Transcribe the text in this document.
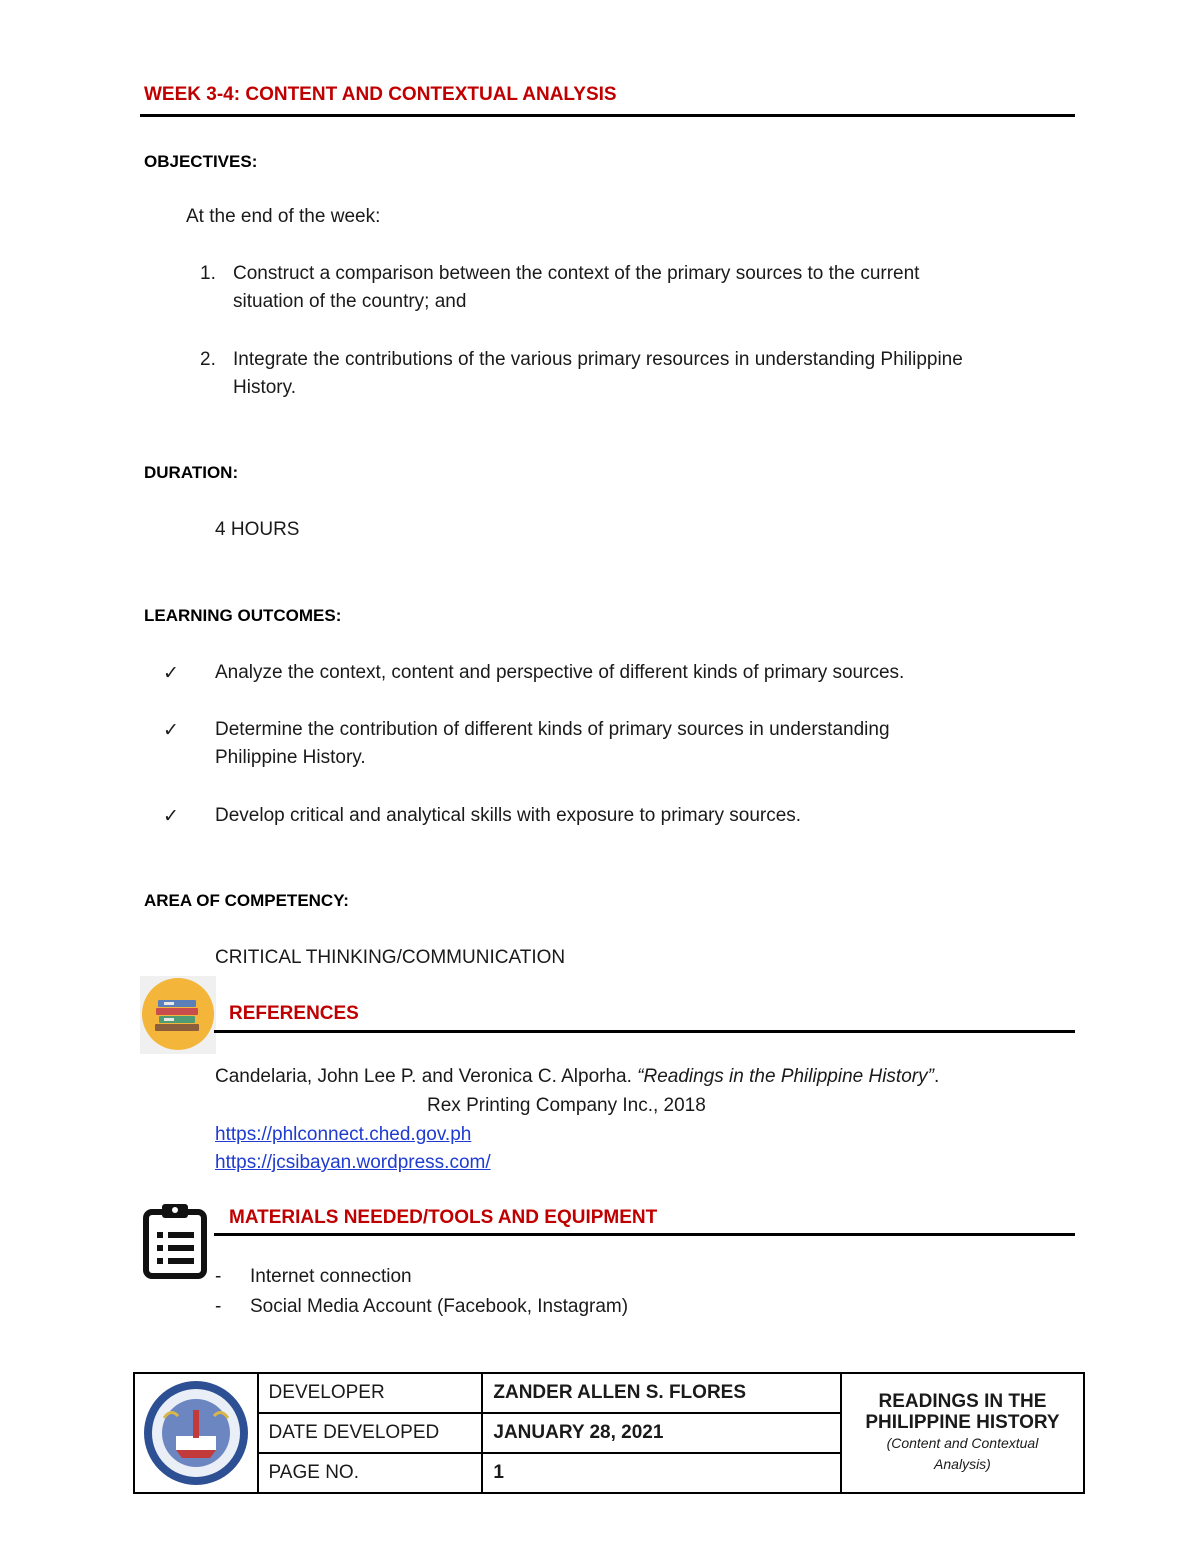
WEEK 3-4: CONTENT AND CONTEXTUAL ANALYSIS
OBJECTIVES:
At the end of the week:
1. Construct a comparison between the context of the primary sources to the current
situation of the country; and
2. Integrate the contributions of the various primary resources in understanding Philippine
History.
DURATION:
4 HOURS
LEARNING OUTCOMES:
✓ Analyze the context, content and perspective of different kinds of primary sources.
✓ Determine the contribution of different kinds of primary sources in understanding
Philippine History.
✓ Develop critical and analytical skills with exposure to primary sources.
AREA OF COMPETENCY:
CRITICAL THINKING/COMMUNICATION
REFERENCES
Candelaria, John Lee P. and Veronica C. Alporha. “Readings in the Philippine History”.
Rex Printing Company Inc., 2018
https://phlconnect.ched.gov.ph
https://jcsibayan.wordpress.com/
MATERIALS NEEDED/TOOLS AND EQUIPMENT
- Internet connection
- Social Media Account (Facebook, Instagram)
	DEVELOPER	ZANDER ALLEN S. FLORES	READINGS IN THE
PHILIPPINE HISTORY
(Content and Contextual
Analysis)

	DATE DEVELOPED	JANUARY 28, 2021	
	PAGE NO.	1	
